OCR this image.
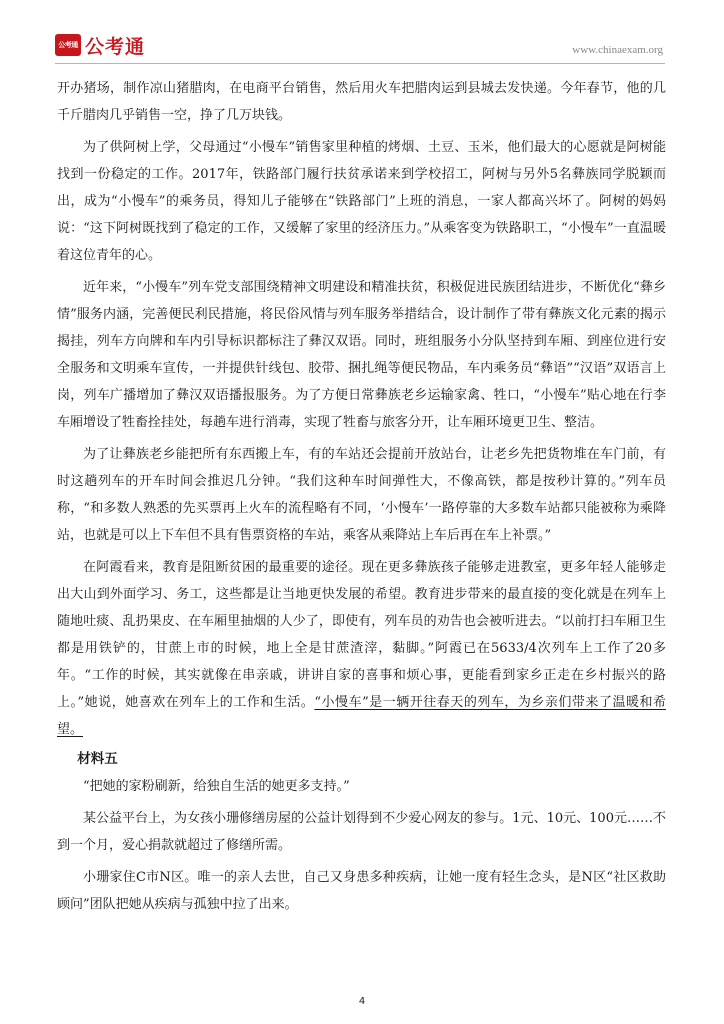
公考通 公考通	www.chinaexam.org

开办猪场，制作凉山猪腊肉，在电商平台销售，然后用火车把腊肉运到县城去发快递。今年春节，他的几千斤腊肉几乎销售一空，挣了几万块钱。

为了供阿树上学，父母通过“小慢车”销售家里种植的烤烟、土豆、玉米，他们最大的心愿就是阿树能找到一份稳定的工作。2017年，铁路部门履行扶贫承诺来到学校招工，阿树与另外5名彝族同学脱颖而出，成为“小慢车”的乘务员，得知儿子能够在“铁路部门”上班的消息，一家人都高兴坏了。阿树的妈妈说：“这下阿树既找到了稳定的工作，又缓解了家里的经济压力。”从乘客变为铁路职工，“小慢车”一直温暖着这位青年的心。

近年来，“小慢车”列车党支部围绕精神文明建设和精准扶贫，积极促进民族团结进步，不断优化“彝乡情”服务内涵，完善便民利民措施，将民俗风情与列车服务举措结合，设计制作了带有彝族文化元素的揭示揭挂，列车方向牌和车内引导标识都标注了彝汉双语。同时，班组服务小分队坚持到车厢、到座位进行安全服务和文明乘车宣传，一并提供针线包、胶带、捆扎绳等便民物品，车内乘务员“彝语”“汉语”双语言上岗，列车广播增加了彝汉双语播报服务。为了方便日常彝族老乡运输家禽、牲口，“小慢车”贴心地在行李车厢增设了牲畜拴挂处，每趟车进行消毒，实现了牲畜与旅客分开，让车厢环境更卫生、整洁。

为了让彝族老乡能把所有东西搬上车，有的车站还会提前开放站台，让老乡先把货物堆在车门前，有时这趟列车的开车时间会推迟几分钟。“我们这种车时间弹性大，不像高铁，都是按秒计算的。”列车员称，“和多数人熟悉的先买票再上火车的流程略有不同，‘小慢车’一路停靠的大多数车站都只能被称为乘降站，也就是可以上下车但不具有售票资格的车站，乘客从乘降站上车后再在车上补票。”

在阿霞看来，教育是阻断贫困的最重要的途径。现在更多彝族孩子能够走进教室，更多年轻人能够走出大山到外面学习、务工，这些都是让当地更快发展的希望。教育进步带来的最直接的变化就是在列车上随地吐痰、乱扔果皮、在车厢里抽烟的人少了，即使有，列车员的劝告也会被听进去。“以前打扫车厢卫生都是用铁铲的，甘蔗上市的时候，地上全是甘蔗渣滓，黏脚。”阿霞已在5633/4次列车上工作了20多年。“工作的时候，其实就像在串亲戚，讲讲自家的喜事和烦心事，更能看到家乡正走在乡村振兴的路上。”她说，她喜欢在列车上的工作和生活。“小慢车”是一辆开往春天的列车，为乡亲们带来了温暖和希望。

材料五

“把她的家粉刷新，给独自生活的她更多支持。”

某公益平台上，为女孩小珊修缮房屋的公益计划得到不少爱心网友的参与。1元、10元、100元……不到一个月，爱心捐款就超过了修缮所需。

小珊家住C市N区。唯一的亲人去世，自己又身患多种疾病，让她一度有轻生念头，是N区“社区救助顾问”团队把她从疾病与孤独中拉了出来。

4
